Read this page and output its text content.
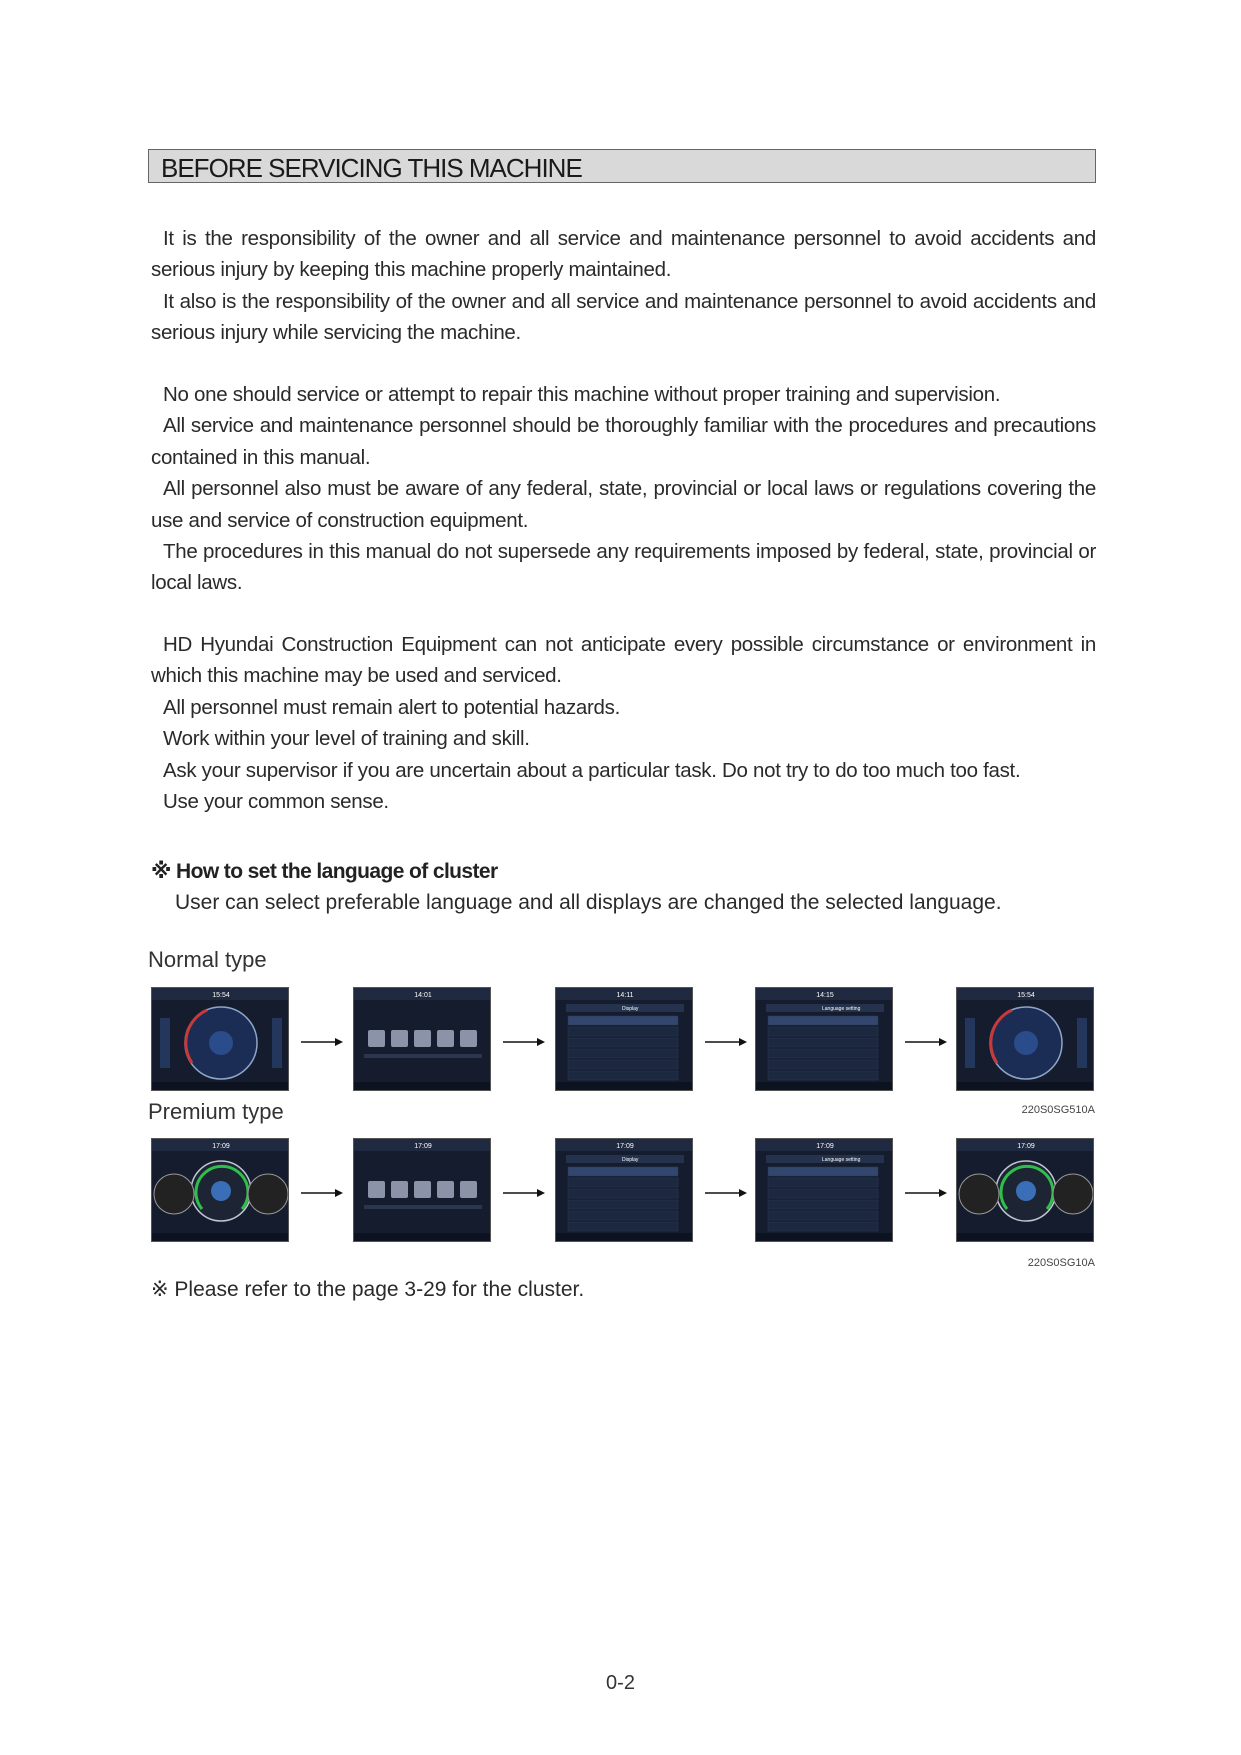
BEFORE SERVICING THIS MACHINE

It is the responsibility of the owner and all service and maintenance personnel to avoid accidents and serious injury by keeping this machine properly maintained.

It also is the responsibility of the owner and all service and maintenance personnel to avoid accidents and serious injury while servicing the machine.

No one should service or attempt to repair this machine without proper training and supervision.

All service and maintenance personnel should be thoroughly familiar with the procedures and precautions contained in this manual.

All personnel also must be aware of any federal, state, provincial or local laws or regulations covering the use and service of construction equipment.

The procedures in this manual do not supersede any requirements imposed by federal, state, provincial or local laws.

HD Hyundai Construction Equipment can not anticipate every possible circumstance or environment in which this machine may be used and serviced.

All personnel must remain alert to potential hazards.

Work within your level of training and skill.

Ask your supervisor if you are uncertain about a particular task. Do not try to do too much too fast.

Use your common sense.

※ How to set the language of cluster
User can select preferable language and all displays are changed the selected language.
Normal type
15:54	14:01	14:11
Display
14:15
Language setting
15:54
Premium type	220S0SG510A
17:09	17:09	17:09
Display
17:09
Language setting
17:09
220S0SG10A
※ Please refer to the page 3-29 for the cluster.
0-2
